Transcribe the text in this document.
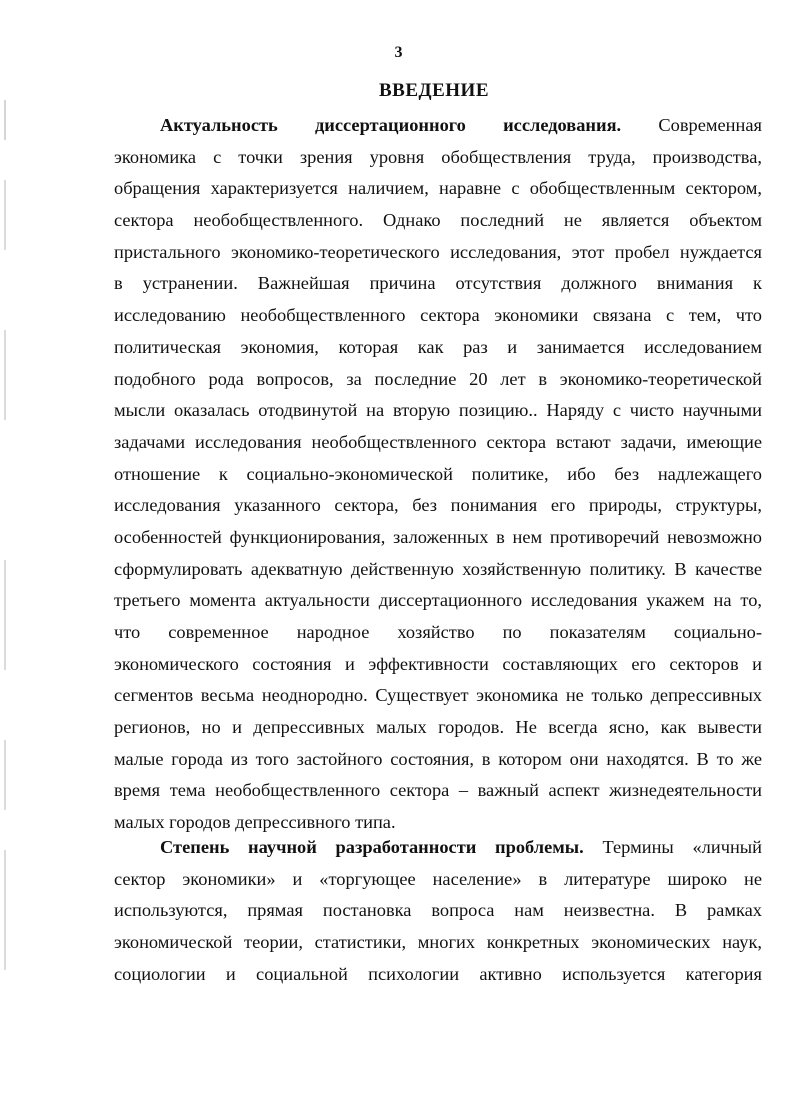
3
ВВЕДЕНИЕ
Актуальность диссертационного исследования. Современная
экономика с точки зрения уровня обобществления труда, производства,
обращения характеризуется наличием, наравне с обобществленным сектором,
сектора необобществленного. Однако последний не является объектом
пристального экономико-теоретического исследования, этот пробел нуждается
в устранении. Важнейшая причина отсутствия должного внимания к
исследованию необобществленного сектора экономики связана с тем, что
политическая экономия, которая как раз и занимается исследованием
подобного рода вопросов, за последние 20 лет в экономико-теоретической
мысли оказалась отодвинутой на вторую позицию.. Наряду с чисто научными
задачами исследования необобществленного сектора встают задачи, имеющие
отношение к социально-экономической политике, ибо без надлежащего
исследования указанного сектора, без понимания его природы, структуры,
особенностей функционирования, заложенных в нем противоречий невозможно
сформулировать адекватную действенную хозяйственную политику. В качестве
третьего момента актуальности диссертационного исследования укажем на то,
что современное народное хозяйство по показателям социально-
экономического состояния и эффективности составляющих его секторов и
сегментов весьма неоднородно. Существует экономика не только депрессивных
регионов, но и депрессивных малых городов. Не всегда ясно, как вывести
малые города из того застойного состояния, в котором они находятся. В то же
время тема необобществленного сектора – важный аспект жизнедеятельности
малых городов депрессивного типа.
Степень научной разработанности проблемы. Термины «личный
сектор экономики» и «торгующее население» в литературе широко не
используются, прямая постановка вопроса нам неизвестна. В рамках
экономической теории, статистики, многих конкретных экономических наук,
социологии и социальной психологии активно используется категория
